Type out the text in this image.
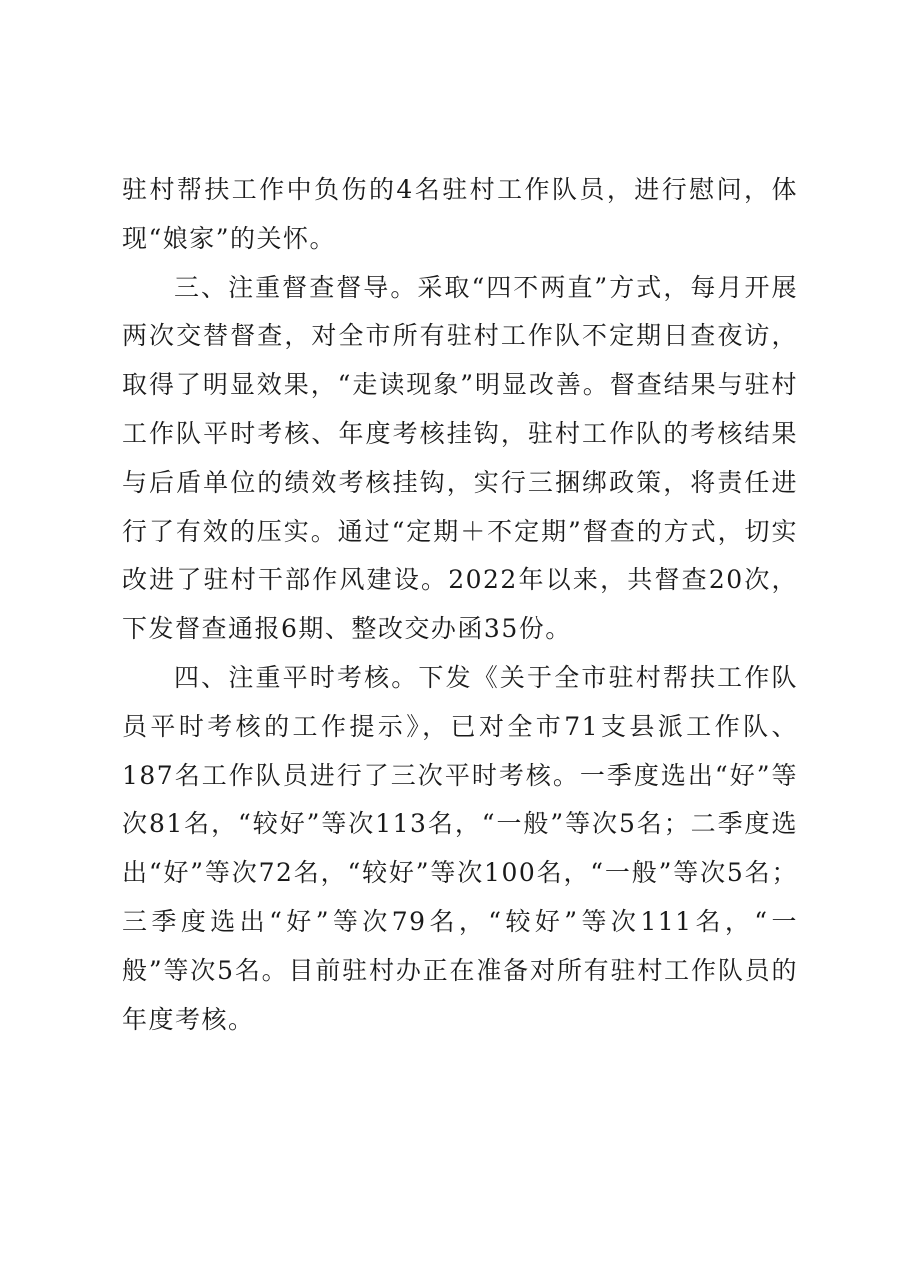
驻村帮扶工作中负伤的4名驻村工作队员，进行慰问，体现“娘家”的关怀。

三、注重督查督导。采取“四不两直”方式，每月开展两次交替督查，对全市所有驻村工作队不定期日查夜访，取得了明显效果，“走读现象”明显改善。督查结果与驻村工作队平时考核、年度考核挂钩，驻村工作队的考核结果与后盾单位的绩效考核挂钩，实行三捆绑政策，将责任进行了有效的压实。通过“定期＋不定期”督查的方式，切实改进了驻村干部作风建设。2022年以来，共督查20次，下发督查通报6期、整改交办函35份。

四、注重平时考核。下发《关于全市驻村帮扶工作队员平时考核的工作提示》，已对全市71支县派工作队、187名工作队员进行了三次平时考核。一季度选出“好”等次81名，“较好”等次113名，“一般”等次5名；二季度选出“好”等次72名，“较好”等次100名，“一般”等次5名；三季度选出“好”等次79名，“较好”等次111名，“一般”等次5名。目前驻村办正在准备对所有驻村工作队员的年度考核。
